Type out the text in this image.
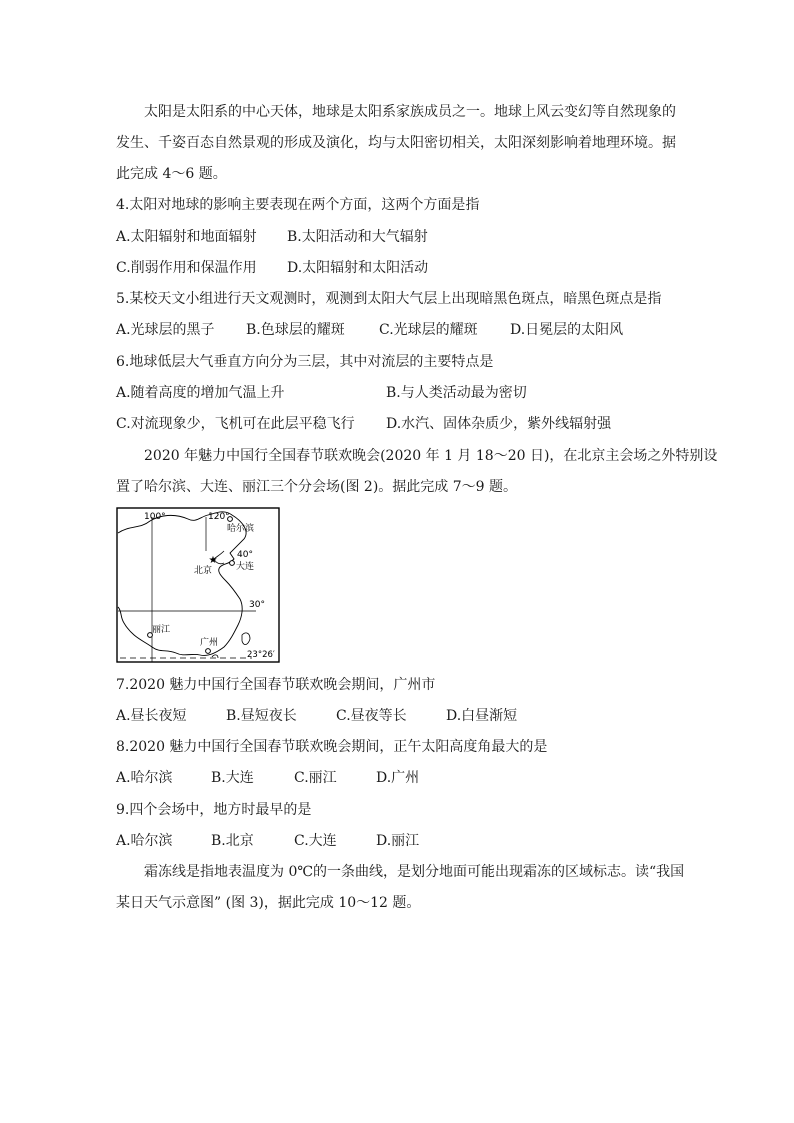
太阳是太阳系的中心天体，地球是太阳系家族成员之一。地球上风云变幻等自然现象的
发生、千姿百态自然景观的形成及演化，均与太阳密切相关，太阳深刻影响着地理环境。据
此完成 4～6 题。
4.太阳对地球的影响主要表现在两个方面，这两个方面是指
A.太阳辐射和地面辐射 B.太阳活动和大气辐射
C.削弱作用和保温作用 D.太阳辐射和太阳活动
5.某校天文小组进行天文观测时，观测到太阳大气层上出现暗黑色斑点，暗黑色斑点是指
A.光球层的黑子 B.色球层的耀斑 C.光球层的耀斑 D.日冕层的太阳风
6.地球低层大气垂直方向分为三层，其中对流层的主要特点是
A.随着高度的增加气温上升	B.与人类活动最为密切
C.对流现象少，飞机可在此层平稳飞行 D.水汽、固体杂质少，紫外线辐射强
2020 年魅力中国行全国春节联欢晚会(2020 年 1 月 18～20 日)，在北京主会场之外特别设
置了哈尔滨、大连、丽江三个分会场(图 2)。据此完成 7～9 题。
★
100°	120°
哈尔滨
40°
北京	大连
30°
丽江
广州
23°26′
7.2020 魅力中国行全国春节联欢晚会期间，广州市
A.昼长夜短	B.昼短夜长	C.昼夜等长	D.白昼渐短
8.2020 魅力中国行全国春节联欢晚会期间，正午太阳高度角最大的是
A.哈尔滨	B.大连	C.丽江	D.广州
9.四个会场中，地方时最早的是
A.哈尔滨	B.北京	C.大连	D.丽江
霜冻线是指地表温度为 0℃的一条曲线，是划分地面可能出现霜冻的区域标志。读“我国
某日天气示意图” (图 3)，据此完成 10～12 题。
